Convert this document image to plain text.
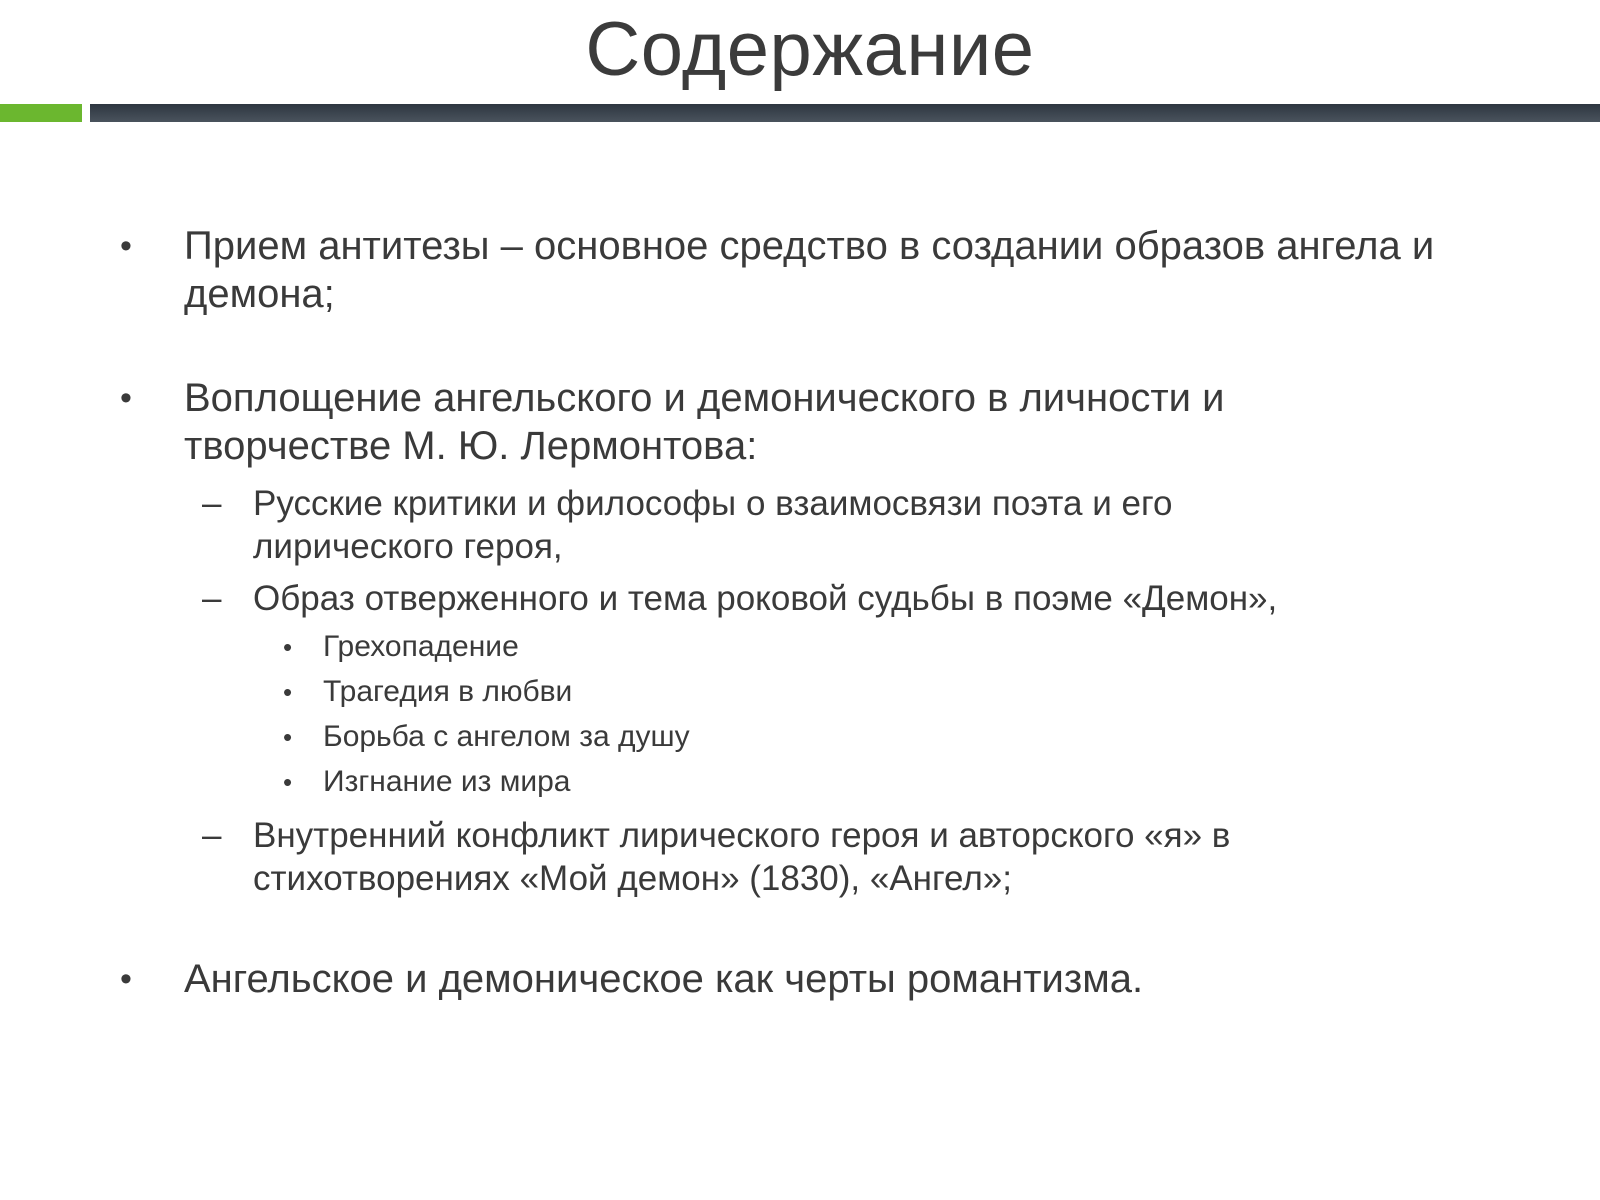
Содержание
• Прием антитезы – основное средство в создании образов ангела и демона;
• Воплощение ангельского и демонического в личности и творчестве М. Ю. Лермонтова:
– Русские критики и философы о взаимосвязи поэта и его лирического героя,
– Образ отверженного и тема роковой судьбы в поэме «Демон»,
• Грехопадение
• Трагедия в любви
• Борьба с ангелом за душу
• Изгнание из мира
– Внутренний конфликт лирического героя и авторского «я» в стихотворениях «Мой демон» (1830), «Ангел»;
• Ангельское и демоническое как черты романтизма.
